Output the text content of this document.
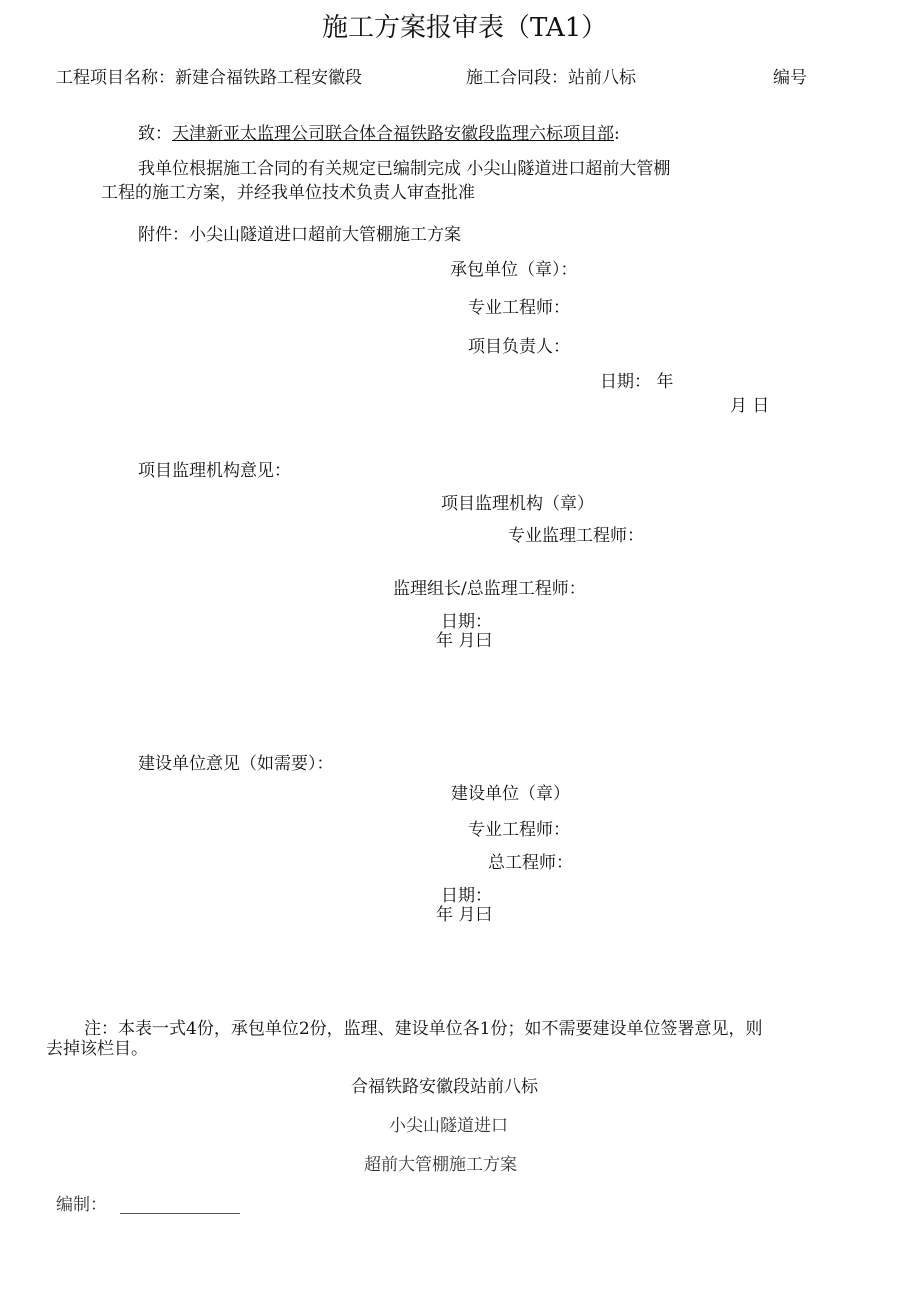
施工方案报审表（TA1）
工程项目名称：新建合福铁路工程安徽段	施工合同段：站前八标	编号
致：天津新亚太监理公司联合体合福铁路安徽段监理六标项目部:
我单位根据施工合同的有关规定已编制完成 小尖山隧道进口超前大管棚
工程的施工方案，并经我单位技术负责人审查批准
附件：小尖山隧道进口超前大管棚施工方案
承包单位（章）：
专业工程师：
项目负责人：
日期： 年
月 日
项目监理机构意见：
项目监理机构（章）
专业监理工程师：
监理组长/总监理工程师：
日期：
年 月曰
建设单位意见（如需要）：
建设单位（章）
专业工程师：
总工程师：
日期：
年 月曰
注：本表一式4份，承包单位2份，监理、建设单位各1份；如不需要建设单位签署意见，则
去掉该栏目。
合福铁路安徽段站前八标
小尖山隧道进口
超前大管棚施工方案
编制：
